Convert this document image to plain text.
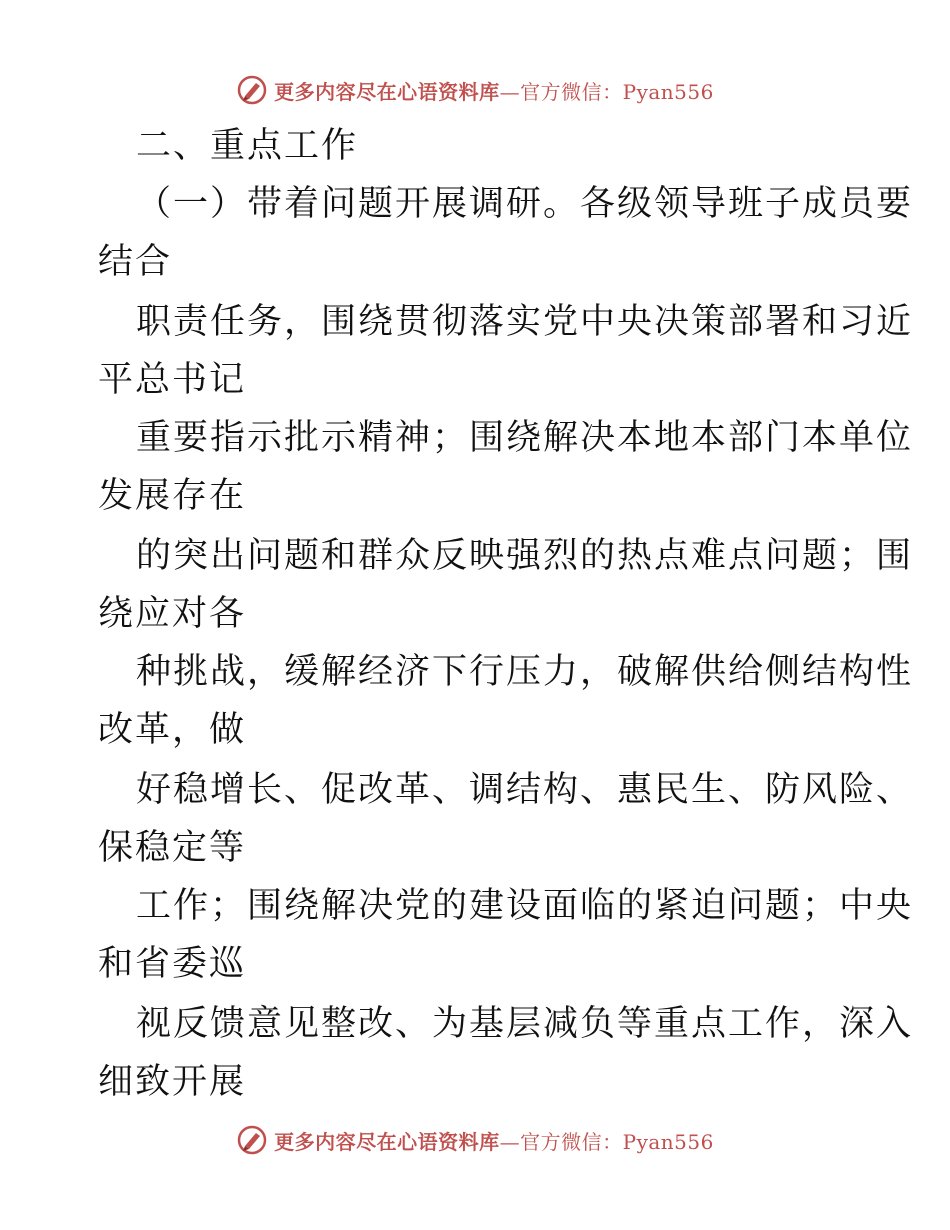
更多内容尽在心语资料库—官方微信：Pyan556
二、重点工作
（一）带着问题开展调研。各级领导班子成员要
结合
职责任务，围绕贯彻落实党中央决策部署和习近
平总书记
重要指示批示精神；围绕解决本地本部门本单位
发展存在
的突出问题和群众反映强烈的热点难点问题；围
绕应对各
种挑战，缓解经济下行压力，破解供给侧结构性
改革，做
好稳增长、促改革、调结构、惠民生、防风险、
保稳定等
工作；围绕解决党的建设面临的紧迫问题；中央
和省委巡
视反馈意见整改、为基层减负等重点工作，深入
细致开展
更多内容尽在心语资料库—官方微信：Pyan556
